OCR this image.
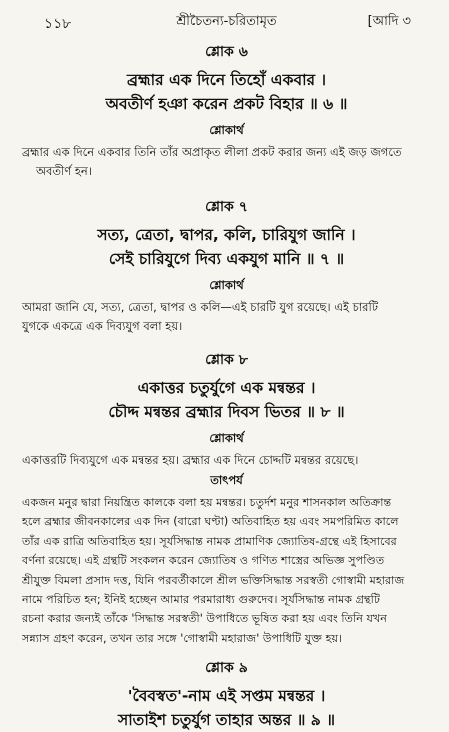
১১৮	শ্রীচৈতন্য-চরিতামৃত	[আদি ৩
শ্লোক ৬
ব্রহ্মার এক দিনে তিহোঁ একবার ।
অবতীর্ণ হঞা করেন প্রকট বিহার ॥ ৬ ॥
শ্লোকার্থ

ব্রহ্মার এক দিনে একবার তিনি তাঁর অপ্রাকৃত লীলা প্রকট করার জন্য এই জড় জগতে

অবতীর্ণ হন।

শ্লোক ৭
সত্য, ত্রেতা, দ্বাপর, কলি, চারিযুগ জানি ।
সেই চারিযুগে দিব্য একযুগ মানি ॥ ৭ ॥
শ্লোকার্থ

আমরা জানি যে, সত্য, ত্রেতা, দ্বাপর ও কলি—এই চারটি যুগ রয়েছে। এই চারটি

যুগকে একত্রে এক দিব্যযুগ বলা হয়।

শ্লোক ৮
একাত্তর চতুর্যুগে এক মন্বন্তর ।
চৌদ্দ মন্বন্তর ব্রহ্মার দিবস ভিতর ॥ ৮ ॥
শ্লোকার্থ

একাত্তরটি দিব্যযুগে এক মন্বন্তর হয়। ব্রহ্মার এক দিনে চোদ্দটি মন্বন্তর রয়েছে।

তাৎপর্য

একজন মনুর দ্বারা নিয়ন্ত্রিত কালকে বলা হয় মন্বন্তর। চতুর্দশ মনুর শাসনকাল অতিক্রান্ত

হলে ব্রহ্মার জীবনকালের এক দিন (বারো ঘণ্টা) অতিবাহিত হয় এবং সমপরিমিত কালে

তাঁর এক রাত্রি অতিবাহিত হয়। সূর্যসিদ্ধান্ত নামক প্রামাণিক জ্যোতিষ-গ্রন্থে এই হিসাবের

বর্ণনা রয়েছে। এই গ্রন্থটি সংকলন করেন জ্যোতিষ ও গণিত শাস্ত্রের অভিজ্ঞ সুপণ্ডিত

শ্রীযুক্ত বিমলা প্রসাদ দত্ত, যিনি পরবর্তীকালে শ্রীল ভক্তিসিদ্ধান্ত সরস্বতী গোস্বামী মহারাজ

নামে পরিচিত হন; ইনিই হচ্ছেন আমার পরমারাধ্য গুরুদেব। সূর্যসিদ্ধান্ত নামক গ্রন্থটি

রচনা করার জন্যই তাঁকে 'সিদ্ধান্ত সরস্বতী' উপাধিতে ভূষিত করা হয় এবং তিনি যখন

সন্ন্যাস গ্রহণ করেন, তখন তার সঙ্গে 'গোস্বামী মহারাজ' উপাধিটি যুক্ত হয়।

শ্লোক ৯
'বৈবস্বত'-নাম এই সপ্তম মন্বন্তর ।
সাতাইশ চতুর্যুগ তাহার অন্তর ॥ ৯ ॥
